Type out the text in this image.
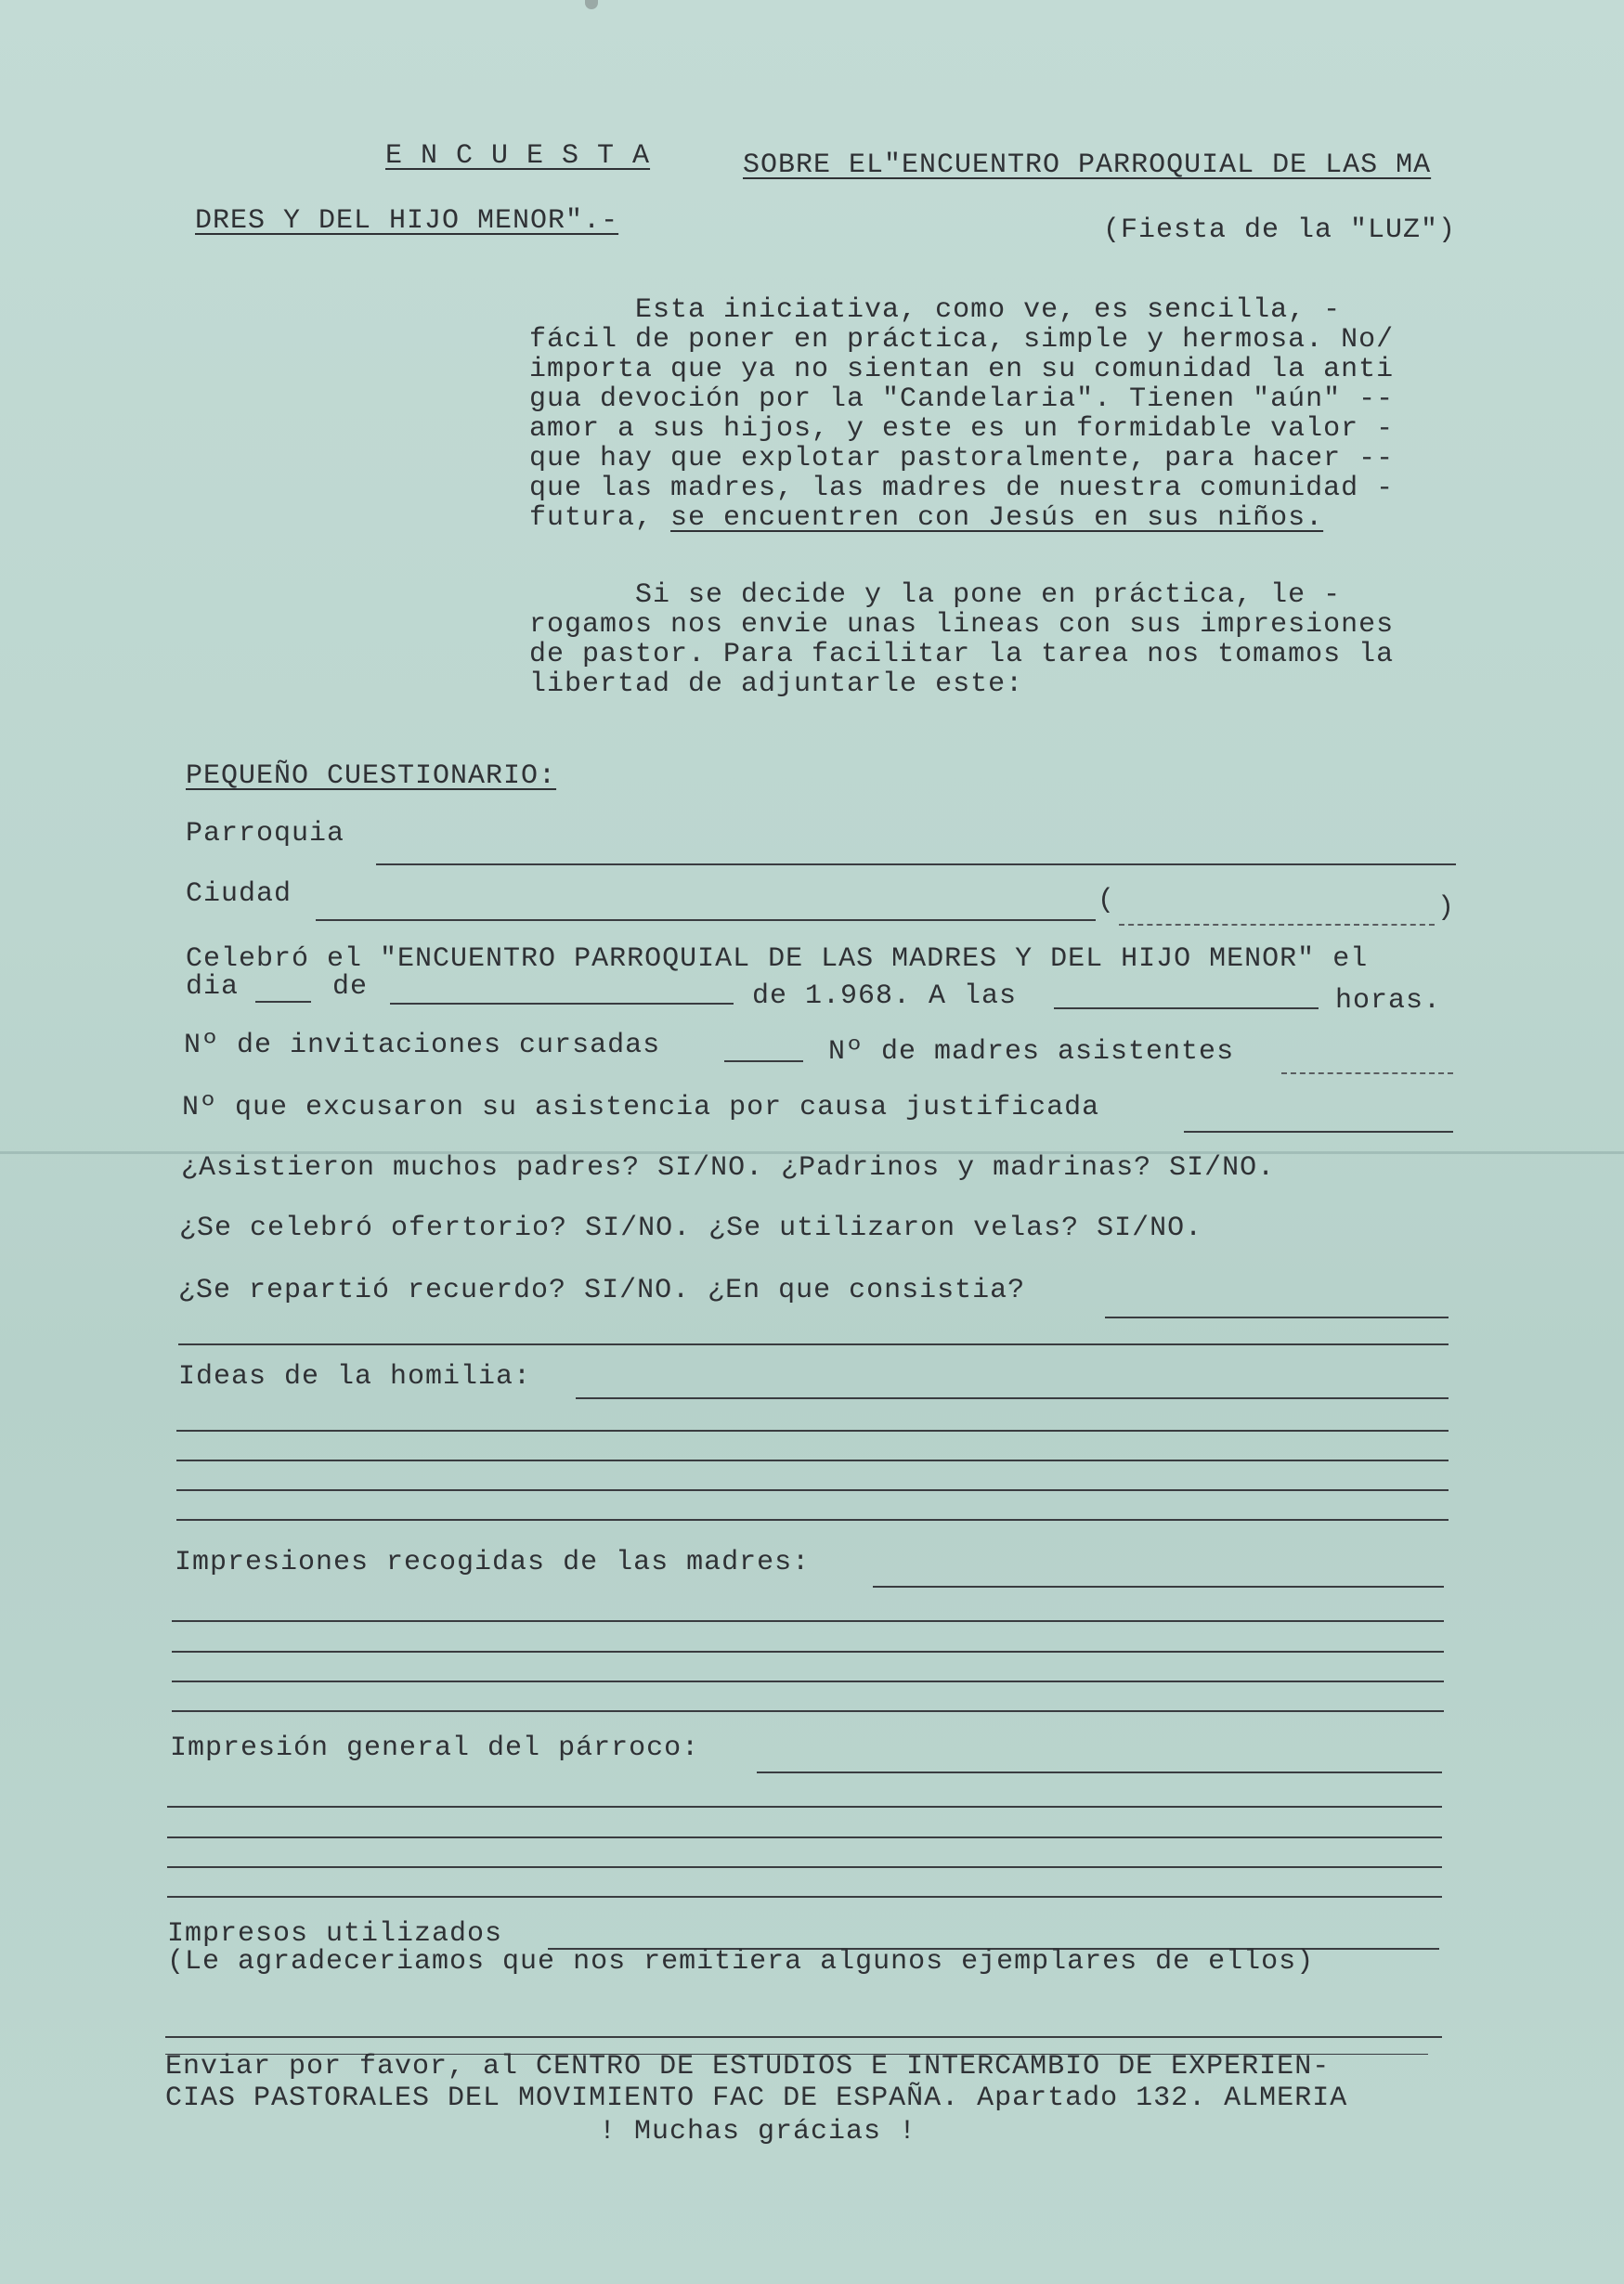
E N C U E S T A	SOBRE EL"ENCUENTRO PARROQUIAL DE LAS MA
DRES Y DEL HIJO MENOR".-	(Fiesta de la "LUZ")
Esta iniciativa, como ve, es sencilla, -
fácil de poner en práctica, simple y hermosa. No/
importa que ya no sientan en su comunidad la anti
gua devoción por la "Candelaria". Tienen "aún" --
amor a sus hijos, y este es un formidable valor -
que hay que explotar pastoralmente, para hacer --
que las madres, las madres de nuestra comunidad -
futura, se encuentren con Jesús en sus niños.
Si se decide y la pone en práctica, le -
rogamos nos envie unas lineas con sus impresiones
de pastor. Para facilitar la tarea nos tomamos la
libertad de adjuntarle este:
PEQUEÑO CUESTIONARIO:
Parroquia
Ciudad	(	)
Celebró el "ENCUENTRO PARROQUIAL DE LAS MADRES Y DEL HIJO MENOR" el
dia	de	de 1.968. A las	horas.
Nº de invitaciones cursadas	Nº de madres asistentes
Nº que excusaron su asistencia por causa justificada
¿Asistieron muchos padres? SI/NO. ¿Padrinos y madrinas? SI/NO.
¿Se celebró ofertorio? SI/NO. ¿Se utilizaron velas? SI/NO.
¿Se repartió recuerdo? SI/NO. ¿En que consistia?
Ideas de la homilia:
Impresiones recogidas de las madres:
Impresión general del párroco:
Impresos utilizados
(Le agradeceriamos que nos remitiera algunos ejemplares de ellos)
Enviar por favor, al CENTRO DE ESTUDIOS E INTERCAMBIO DE EXPERIEN-
CIAS PASTORALES DEL MOVIMIENTO FAC DE ESPAÑA. Apartado 132. ALMERIA
! Muchas grácias !
